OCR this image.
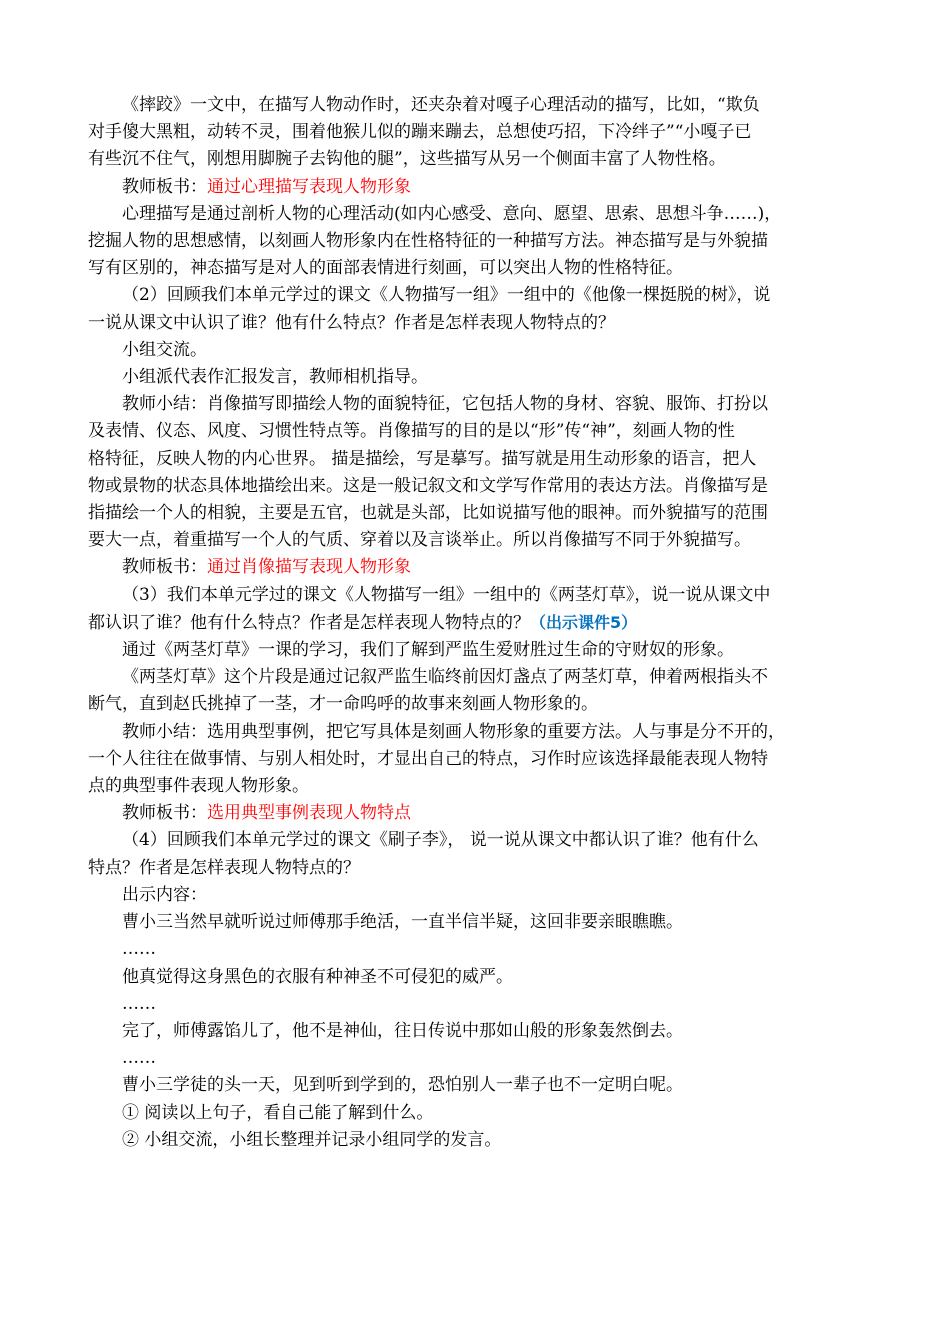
《摔跤》一文中，在描写人物动作时，还夹杂着对嘎子心理活动的描写，比如，“欺负

对手傻大黑粗，动转不灵，围着他猴儿似的蹦来蹦去，总想使巧招，下冷绊子”“小嘎子已

有些沉不住气，刚想用脚腕子去钩他的腿”，这些描写从另一个侧面丰富了人物性格。

教师板书：通过心理描写表现人物形象

心理描写是通过剖析人物的心理活动(如内心感受、意向、愿望、思索、思想斗争……)，

挖掘人物的思想感情，以刻画人物形象内在性格特征的一种描写方法。神态描写是与外貌描

写有区别的，神态描写是对人的面部表情进行刻画，可以突出人物的性格特征。

（2）回顾我们本单元学过的课文《人物描写一组》一组中的《他像一棵挺脱的树》，说

一说从课文中认识了谁？他有什么特点？作者是怎样表现人物特点的？

小组交流。

小组派代表作汇报发言，教师相机指导。

教师小结：肖像描写即描绘人物的面貌特征，它包括人物的身材、容貌、服饰、打扮以

及表情、仪态、风度、习惯性特点等。肖像描写的目的是以“形”传“神”，刻画人物的性

格特征，反映人物的内心世界。 描是描绘，写是摹写。描写就是用生动形象的语言，把人

物或景物的状态具体地描绘出来。这是一般记叙文和文学写作常用的表达方法。肖像描写是

指描绘一个人的相貌，主要是五官，也就是头部，比如说描写他的眼神。而外貌描写的范围

要大一点，着重描写一个人的气质、穿着以及言谈举止。所以肖像描写不同于外貌描写。

教师板书：通过肖像描写表现人物形象

（3）我们本单元学过的课文《人物描写一组》一组中的《两茎灯草》，说一说从课文中

都认识了谁？他有什么特点？作者是怎样表现人物特点的？（出示课件5）

通过《两茎灯草》一课的学习，我们了解到严监生爱财胜过生命的守财奴的形象。

《两茎灯草》这个片段是通过记叙严监生临终前因灯盏点了两茎灯草，伸着两根指头不

断气，直到赵氏挑掉了一茎，才一命呜呼的故事来刻画人物形象的。

教师小结：选用典型事例，把它写具体是刻画人物形象的重要方法。人与事是分不开的，

一个人往往在做事情、与别人相处时，才显出自己的特点，习作时应该选择最能表现人物特

点的典型事件表现人物形象。

教师板书：选用典型事例表现人物特点

（4）回顾我们本单元学过的课文《刷子李》， 说一说从课文中都认识了谁？他有什么

特点？作者是怎样表现人物特点的？

出示内容：

曹小三当然早就听说过师傅那手绝活，一直半信半疑，这回非要亲眼瞧瞧。

……

他真觉得这身黑色的衣服有种神圣不可侵犯的威严。

……

完了，师傅露馅儿了，他不是神仙，往日传说中那如山般的形象轰然倒去。

……

曹小三学徒的头一天，见到听到学到的，恐怕别人一辈子也不一定明白呢。

① 阅读以上句子，看自己能了解到什么。

② 小组交流，小组长整理并记录小组同学的发言。
